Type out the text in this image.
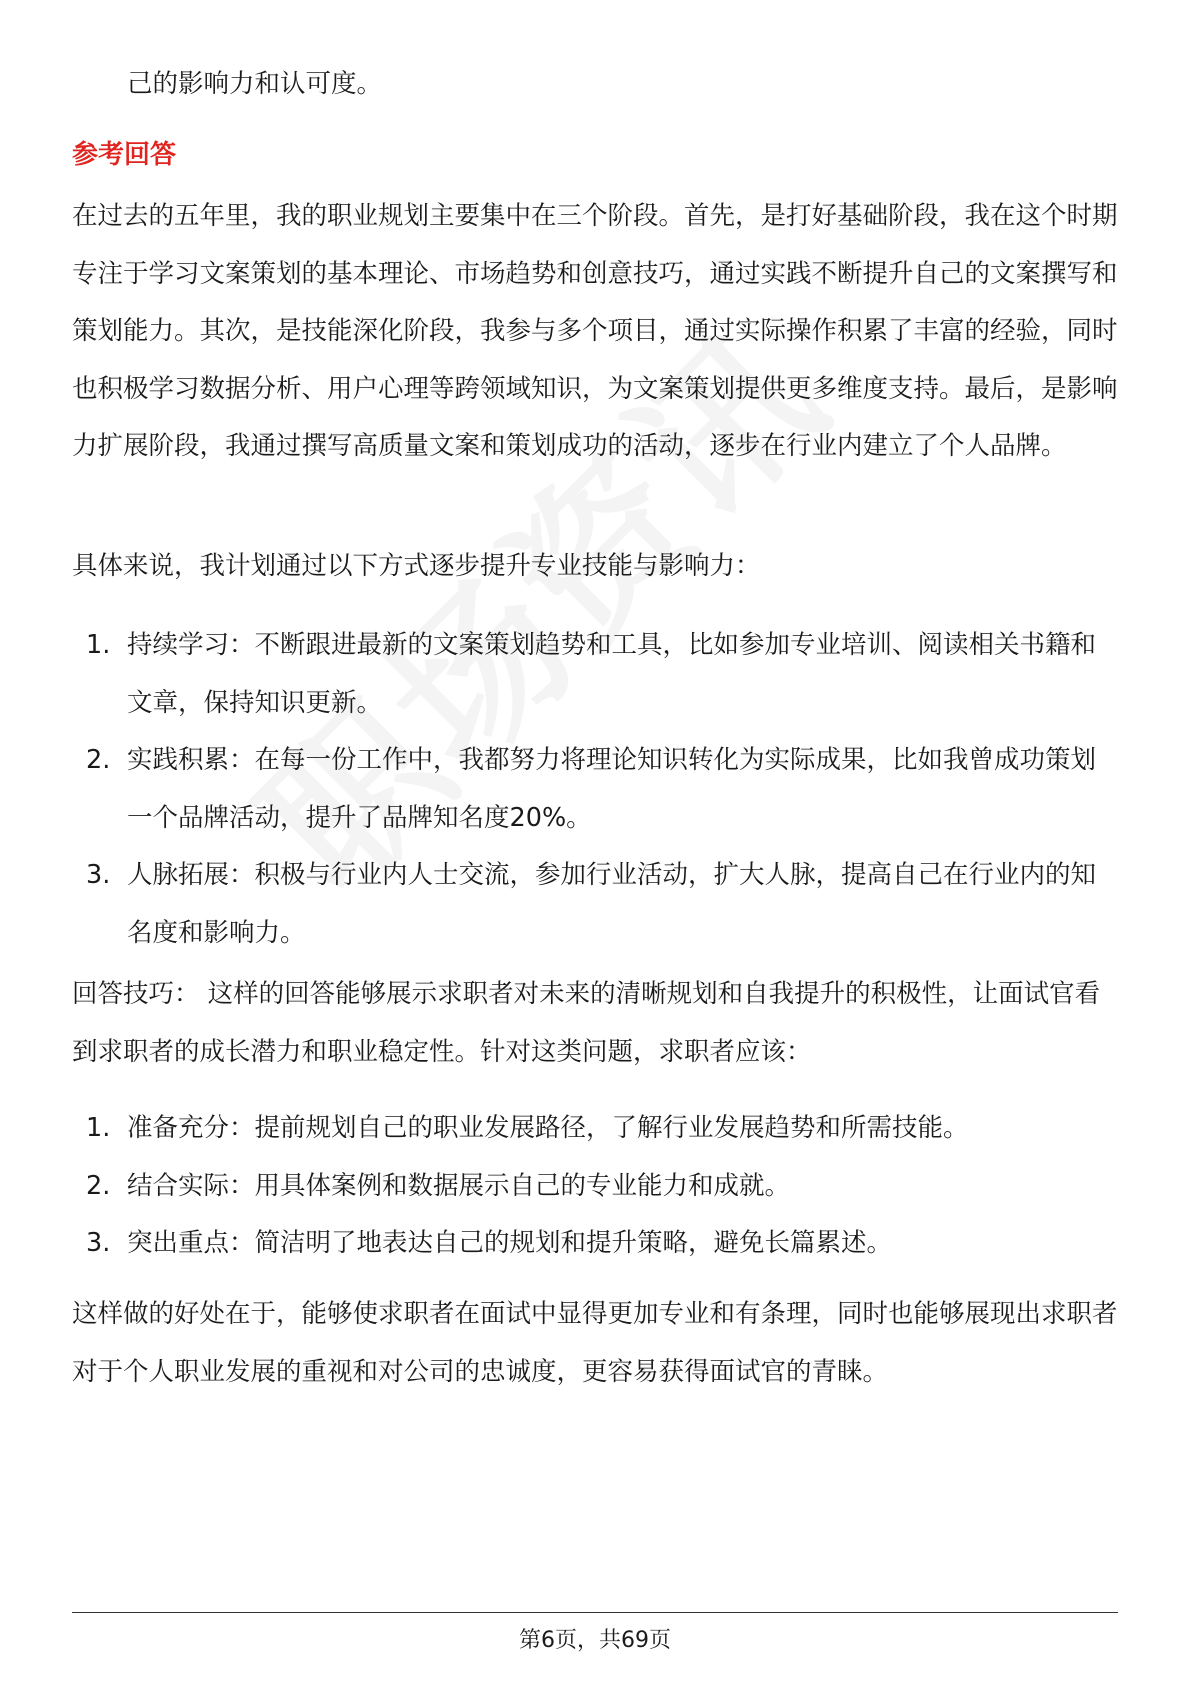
己的影响力和认可度。

参考回答

在过去的五年里，我的职业规划主要集中在三个阶段。首先，是打好基础阶段，我在这个时期专注于学习文案策划的基本理论、市场趋势和创意技巧，通过实践不断提升自己的文案撰写和策划能力。其次，是技能深化阶段，我参与多个项目，通过实际操作积累了丰富的经验，同时也积极学习数据分析、用户心理等跨领域知识，为文案策划提供更多维度支持。最后，是影响力扩展阶段，我通过撰写高质量文案和策划成功的活动，逐步在行业内建立了个人品牌。

具体来说，我计划通过以下方式逐步提升专业技能与影响力：

1. 持续学习：不断跟进最新的文案策划趋势和工具，比如参加专业培训、阅读相关书籍和文章，保持知识更新。
2. 实践积累：在每一份工作中，我都努力将理论知识转化为实际成果，比如我曾成功策划一个品牌活动，提升了品牌知名度20%。
3. 人脉拓展：积极与行业内人士交流，参加行业活动，扩大人脉，提高自己在行业内的知名度和影响力。

回答技巧： 这样的回答能够展示求职者对未来的清晰规划和自我提升的积极性，让面试官看到求职者的成长潜力和职业稳定性。针对这类问题，求职者应该：

1. 准备充分：提前规划自己的职业发展路径，了解行业发展趋势和所需技能。
2. 结合实际：用具体案例和数据展示自己的专业能力和成就。
3. 突出重点：简洁明了地表达自己的规划和提升策略，避免长篇累述。

这样做的好处在于，能够使求职者在面试中显得更加专业和有条理，同时也能够展现出求职者对于个人职业发展的重视和对公司的忠诚度，更容易获得面试官的青睐。

第6页，共69页
